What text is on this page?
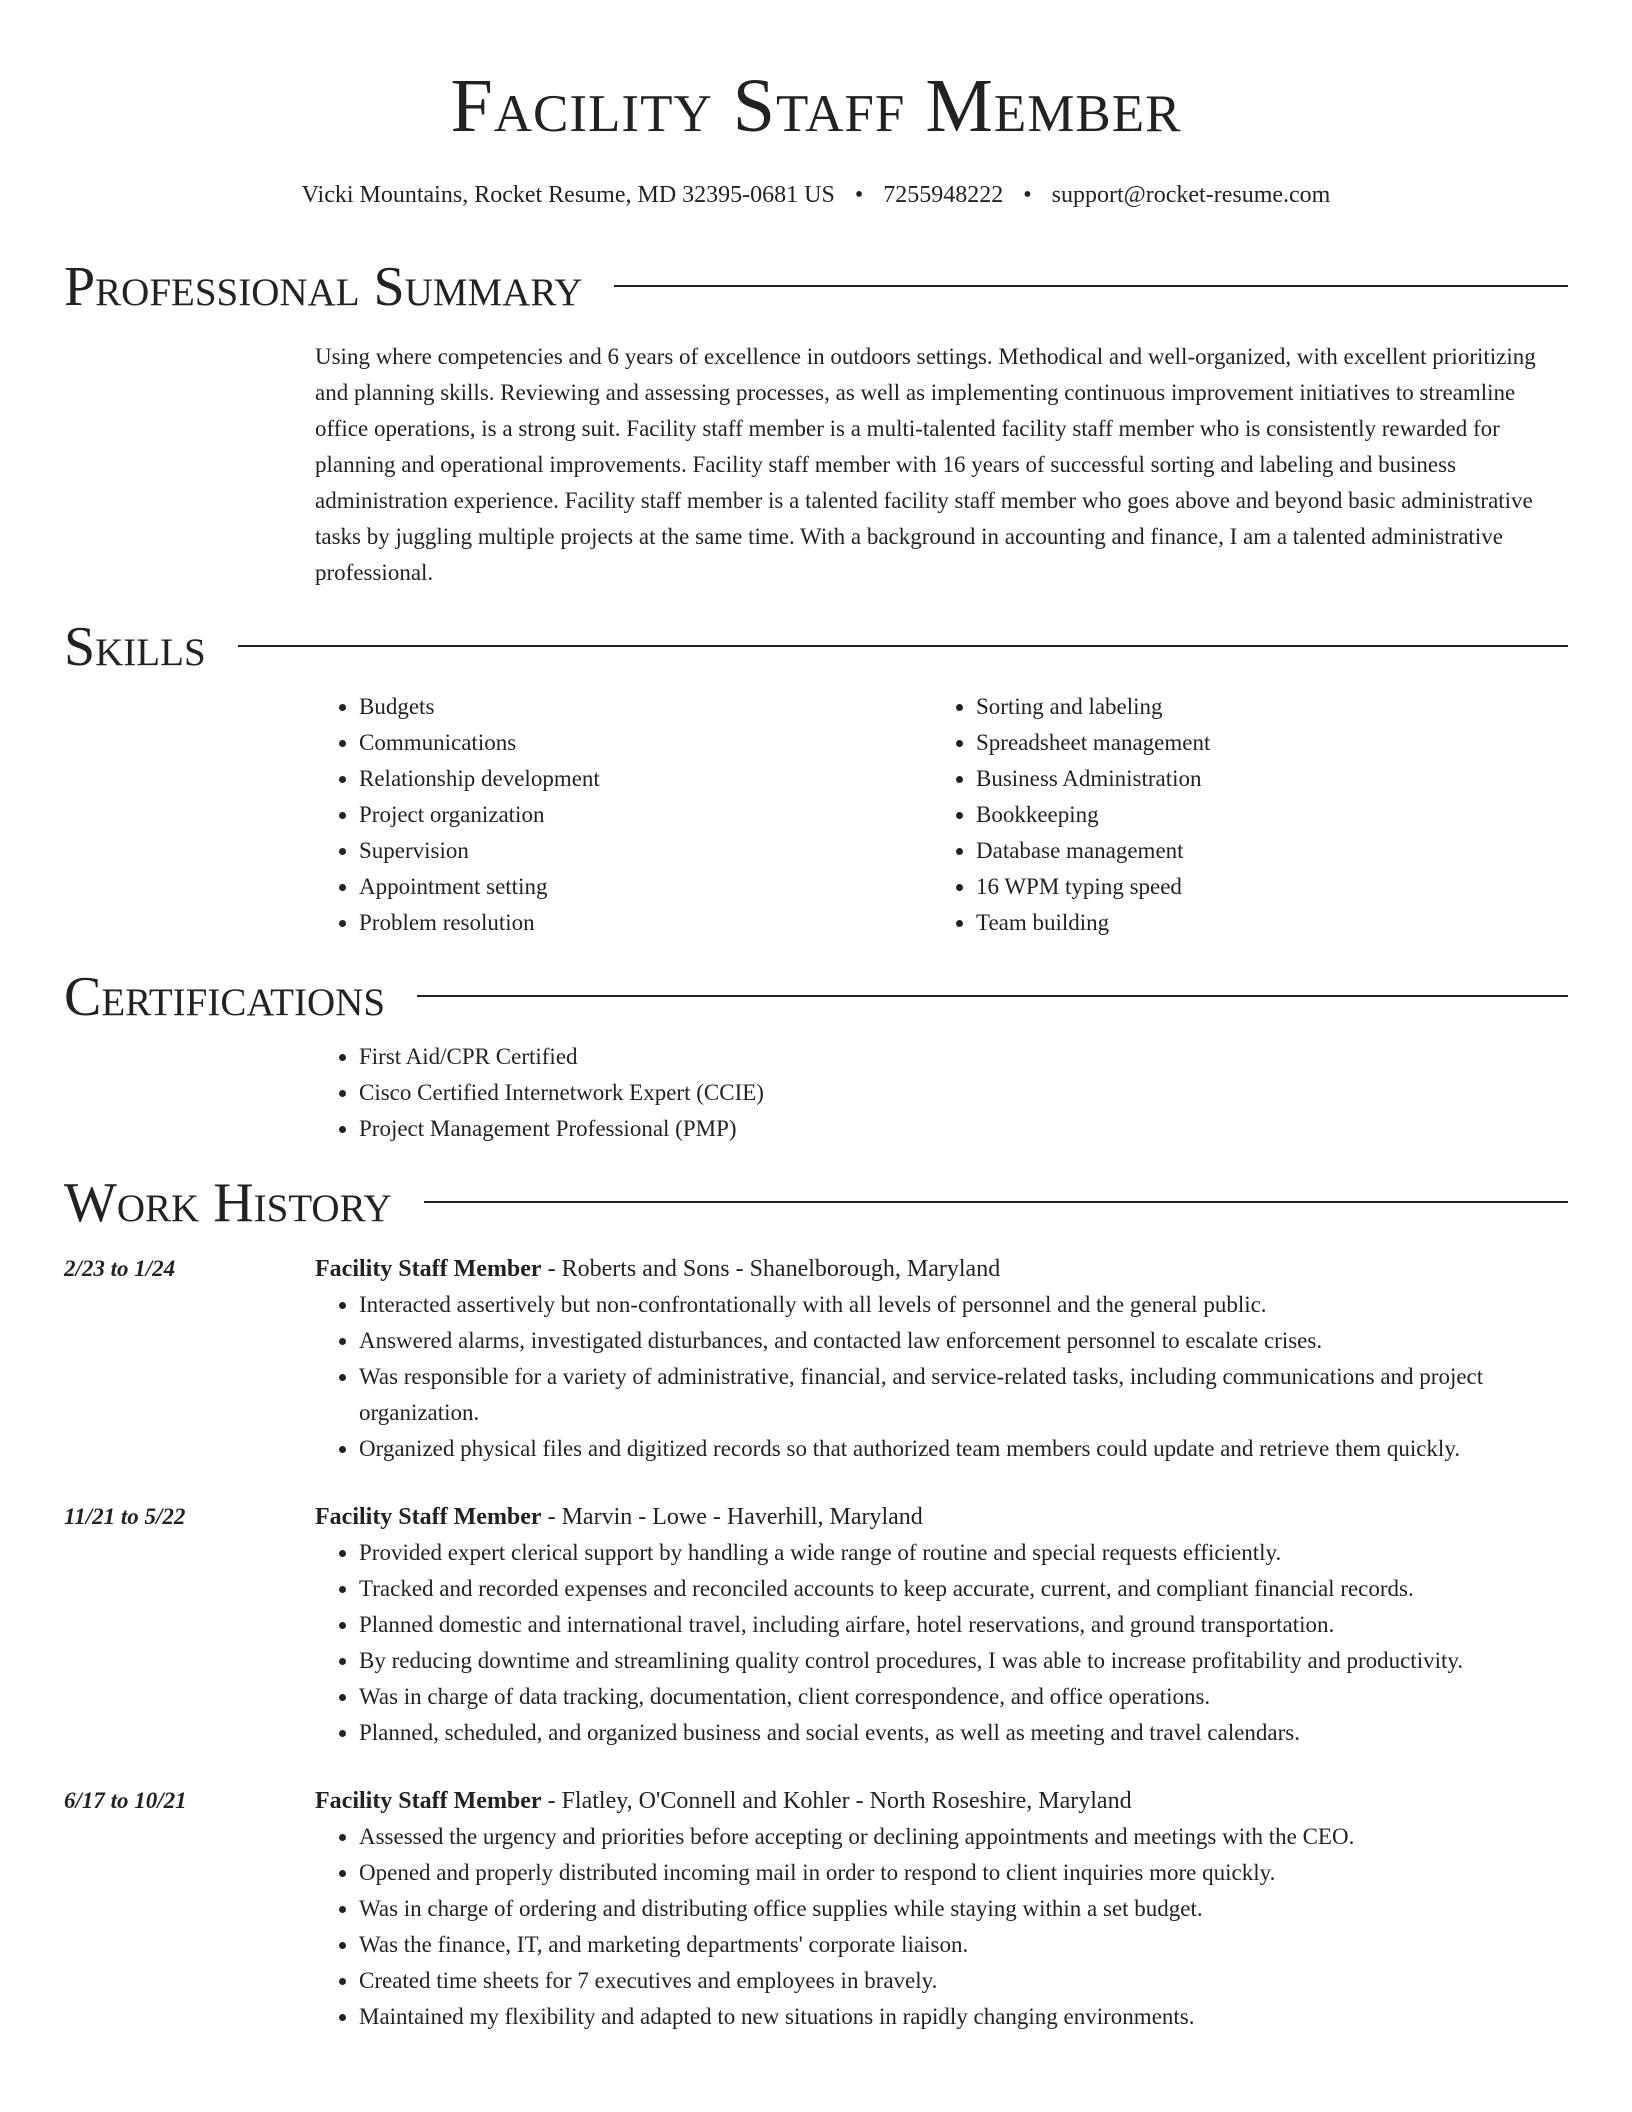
Facility Staff Member
Vicki Mountains, Rocket Resume, MD 32395-0681 US • 7255948222 • support@rocket-resume.com
Professional Summary
Using where competencies and 6 years of excellence in outdoors settings. Methodical and well-organized, with excellent prioritizing and planning skills. Reviewing and assessing processes, as well as implementing continuous improvement initiatives to streamline office operations, is a strong suit. Facility staff member is a multi-talented facility staff member who is consistently rewarded for planning and operational improvements. Facility staff member with 16 years of successful sorting and labeling and business administration experience. Facility staff member is a talented facility staff member who goes above and beyond basic administrative tasks by juggling multiple projects at the same time. With a background in accounting and finance, I am a talented administrative professional.
Skills
• Budgets
• Communications
• Relationship development
• Project organization
• Supervision
• Appointment setting
• Problem resolution
• Sorting and labeling
• Spreadsheet management
• Business Administration
• Bookkeeping
• Database management
• 16 WPM typing speed
• Team building
Certifications
• First Aid/CPR Certified
• Cisco Certified Internetwork Expert (CCIE)
• Project Management Professional (PMP)
Work History
2/23 to 1/24	Facility Staff Member - Roberts and Sons - Shanelborough, Maryland
• Interacted assertively but non-confrontationally with all levels of personnel and the general public.
• Answered alarms, investigated disturbances, and contacted law enforcement personnel to escalate crises.
• Was responsible for a variety of administrative, financial, and service-related tasks, including communications and project organization.
• Organized physical files and digitized records so that authorized team members could update and retrieve them quickly.
11/21 to 5/22	Facility Staff Member - Marvin - Lowe - Haverhill, Maryland
• Provided expert clerical support by handling a wide range of routine and special requests efficiently.
• Tracked and recorded expenses and reconciled accounts to keep accurate, current, and compliant financial records.
• Planned domestic and international travel, including airfare, hotel reservations, and ground transportation.
• By reducing downtime and streamlining quality control procedures, I was able to increase profitability and productivity.
• Was in charge of data tracking, documentation, client correspondence, and office operations.
• Planned, scheduled, and organized business and social events, as well as meeting and travel calendars.
6/17 to 10/21	Facility Staff Member - Flatley, O'Connell and Kohler - North Roseshire, Maryland
• Assessed the urgency and priorities before accepting or declining appointments and meetings with the CEO.
• Opened and properly distributed incoming mail in order to respond to client inquiries more quickly.
• Was in charge of ordering and distributing office supplies while staying within a set budget.
• Was the finance, IT, and marketing departments' corporate liaison.
• Created time sheets for 7 executives and employees in bravely.
• Maintained my flexibility and adapted to new situations in rapidly changing environments.
